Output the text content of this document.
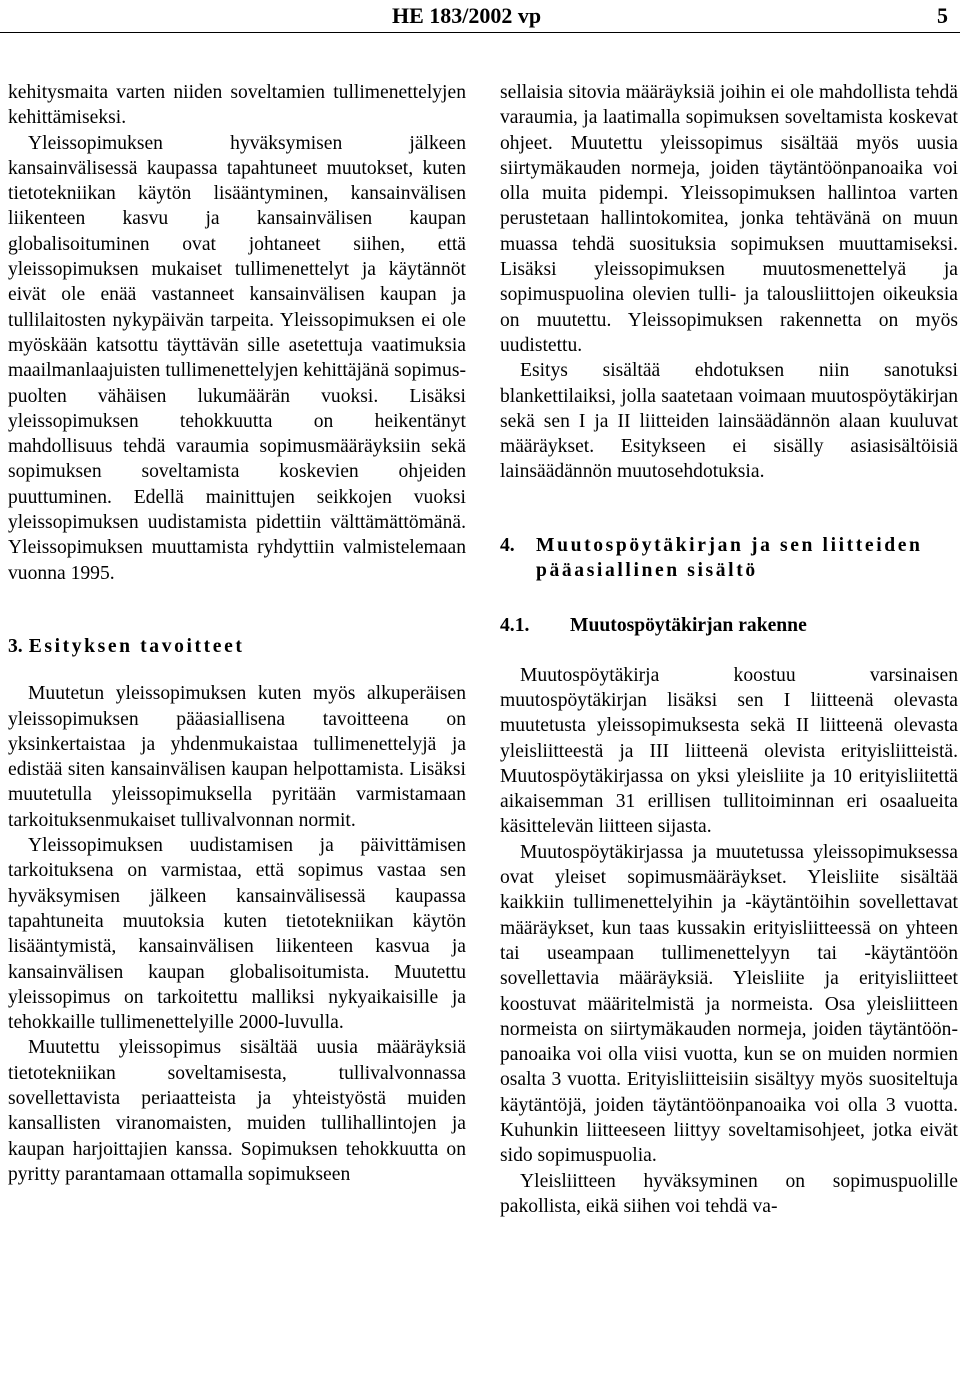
HE 183/2002 vp	5

kehitysmaita varten niiden soveltamien tullimenettelyjen kehittämiseksi.

Yleissopimuksen hyväksymisen jälkeen kansainvälisessä kaupassa tapahtuneet muutokset, kuten tietotekniikan käytön lisääntyminen, kansainvälisen liikenteen kasvu ja kansainvälisen kaupan globalisoituminen ovat johtaneet siihen, että yleissopimuksen mukaiset tullimenettelyt ja käytännöt eivät ole enää vastanneet kansainvälisen kaupan ja tullilaitosten nykypäivän tarpeita. Yleissopimuksen ei ole myöskään katsottu täyttävän sille asetettuja vaatimuksia maailmanlaajuisten tullimenettelyjen kehittäjänä sopimuspuolten vähäisen lukumäärän vuoksi. Lisäksi yleissopimuksen tehokkuutta on heikentänyt mahdollisuus tehdä varaumia sopimusmääräyksiin sekä sopimuksen soveltamista koskevien ohjeiden puuttuminen. Edellä mainittujen seikkojen vuoksi yleissopimuksen uudistamista pidettiin välttämättömänä. Yleissopimuksen muuttamista ryhdyttiin valmistelemaan vuonna 1995.

3. Esityksen tavoitteet

Muutetun yleissopimuksen kuten myös alkuperäisen yleissopimuksen pääasiallisena tavoitteena on yksinkertaistaa ja yhdenmukaistaa tullimenettelyjä ja edistää siten kansainvälisen kaupan helpottamista. Lisäksi muutetulla yleissopimuksella pyritään varmistamaan tarkoituksenmukaiset tullivalvonnan normit.

Yleissopimuksen uudistamisen ja päivittämisen tarkoituksena on varmistaa, että sopimus vastaa sen hyväksymisen jälkeen kansainvälisessä kaupassa tapahtuneita muutoksia kuten tietotekniikan käytön lisääntymistä, kansainvälisen liikenteen kasvua ja kansainvälisen kaupan globalisoitumista. Muutettu yleissopimus on tarkoitettu malliksi nykyaikaisille ja tehokkaille tullimenettelyille 2000-luvulla.

Muutettu yleissopimus sisältää uusia määräyksiä tietotekniikan soveltamisesta, tullivalvonnassa sovellettavista periaatteista ja yhteistyöstä muiden kansallisten viranomaisten, muiden tullihallintojen ja kaupan harjoittajien kanssa. Sopimuksen tehokkuutta on pyritty parantamaan ottamalla sopimukseen

sellaisia sitovia määräyksiä joihin ei ole mahdollista tehdä varaumia, ja laatimalla sopimuksen soveltamista koskevat ohjeet. Muutettu yleissopimus sisältää myös uusia siirtymäkauden normeja, joiden täytäntöönpanoaika voi olla muita pidempi. Yleissopimuksen hallintoa varten perustetaan hallintokomitea, jonka tehtävänä on muun muassa tehdä suosituksia sopimuksen muuttamiseksi. Lisäksi yleissopimuksen muutosmenettelyä ja sopimuspuolina olevien tulli- ja talousliittojen oikeuksia on muutettu. Yleissopimuksen rakennetta on myös uudistettu.

Esitys sisältää ehdotuksen niin sanotuksi blankettilaiksi, jolla saatetaan voimaan muutospöytäkirjan sekä sen I ja II liitteiden lainsäädännön alaan kuuluvat määräykset. Esitykseen ei sisälly asiasisältöisiä lainsäädännön muutosehdotuksia.

4.	Muutospöytäkirjan ja sen liitteiden pääasiallinen sisältö

4.1. Muutospöytäkirjan rakenne

Muutospöytäkirja koostuu varsinaisen muutospöytäkirjan lisäksi sen I liitteenä olevasta muutetusta yleissopimuksesta sekä II liitteenä olevasta yleisliitteestä ja III liitteenä olevista erityisliitteistä. Muutospöytäkirjassa on yksi yleisliite ja 10 erityisliitettä aikaisemman 31 erillisen tullitoiminnan eri osaalueita käsittelevän liitteen sijasta.

Muutospöytäkirjassa ja muutetussa yleissopimuksessa ovat yleiset sopimusmääräykset. Yleisliite sisältää kaikkiin tullimenettelyihin ja -käytäntöihin sovellettavat määräykset, kun taas kussakin erityisliitteessä on yhteen tai useampaan tullimenettelyyn tai -käytäntöön sovellettavia määräyksiä. Yleisliite ja erityisliitteet koostuvat määritelmistä ja normeista. Osa yleisliitteen normeista on siirtymäkauden normeja, joiden täytäntöönpanoaika voi olla viisi vuotta, kun se on muiden normien osalta 3 vuotta. Erityisliitteisiin sisältyy myös suositeltuja käytäntöjä, joiden täytäntöönpanoaika voi olla 3 vuotta. Kuhunkin liitteeseen liittyy soveltamisohjeet, jotka eivät sido sopimuspuolia.

Yleisliitteen hyväksyminen on sopimuspuolille pakollista, eikä siihen voi tehdä va-
